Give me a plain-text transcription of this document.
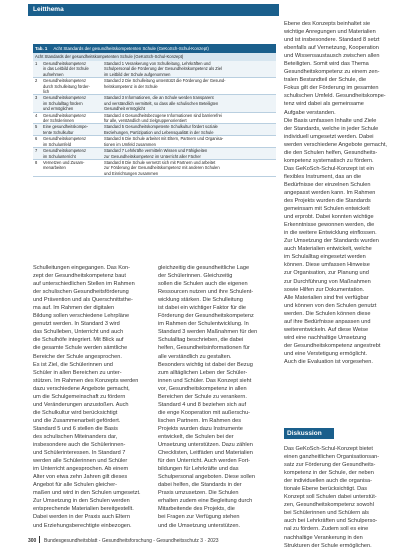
Leitthema
Tab. 1 Acht Standards der gesundheitskompetenten Schule (GeKoSch-Schul-Konzept)
Acht Standards der gesundheitskompetenten Schule (GeKoSch-Schul-Konzept)
1	Gesundheitskompetenz
in das Leitbild der Schule
aufnehmen
Standard 1 Verankerung von Schulleitung, Lehrkräften und
Schulpersonal die Förderung der Gesundheitskompetenz als Ziel
im Leitbild der Schule aufgenommen
2	Gesundheitskompetenz
durch Schulleitung förder-
lich
Standard 2 Die Schulleitung unterstützt die Förderung der Gesund-
heitskompetenz in der Schule
3	Gesundheitskompetenz
im Schulalltag fördern
und ermöglichen
Standard 3 Informationen, die an Schule werden transparent
und verständlich vermittelt, so dass alle schulischen Beteiligten
Gesundheit ermöglicht
4	Gesundheitskompetenz
der Schülerinnen
Standard 4 Gesundheitsbezogene Informationen sind barrierefrei
für alle, verständlich und zielgruppenorientiert
5	Eine gesundheitskompe-
tente Schulkultur
Standard 5 Gesundheitskompetente Schulkultur fördert soziale
Beziehungen, Partizipation und Lebensqualität in der Schule
6	Gesundheitskompetenz
im Schulumfeld
Standard 6 Die Schule arbeitet mit Eltern, Partnern und Organisa-
tionen im Umfeld zusammen
7	Gesundheitskompetenz
im Schulunterricht
Standard 7 Lehrkräfte vermitteln Wissen und Fähigkeiten
zur Gesundheitskompetenz im Unterricht aller Fächer
8	Vernetzen und Zusam-
menarbeiten
Standard 8 Die Schule vernetzt sich mit Partnern und arbeitet
zur Förderung der Gesundheitskompetenz mit anderen Schulen
und Einrichtungen zusammen
Schulleitungen eingegangen. Das Kon-
zept der Gesundheitskompetenz baut
auf unterschiedlichen Stellen im Rahmen
der schulischen Gesundheitsförderung
und Prävention und als Querschnittsthe-
ma auf. Im Rahmen der digitalen
Bildung sollen verschiedene Lehrpläne
genutzt werden. In Standard 3 wird
das Schulleben, Unterricht und auch
die Schulhöfe integriert. Mit Blick auf
die gesamte Schule werden sämtliche
Bereiche der Schule angesprochen.
Es ist Ziel, die Schülerinnen und
Schüler in allen Bereichen zu unter-
stützen. Im Rahmen des Konzepts werden
dazu verschiedene Angebote gemacht,
um die Schulgemeinschaft zu fördern
und Veränderungen anzustoßen. Auch
die Schulkultur wird berücksichtigt
und die Zusammenarbeit gefördert.
Standard 5 und 6 stellen die Basis
des schulischen Miteinanders dar,
insbesondere auch die Schülerinnen-
und Schülerinteressen. In Standard 7
werden alle Schülerinnen und Schüler
im Unterricht angesprochen. Ab einem
Alter von etwa zehn Jahren gilt dieses
Angebot für alle Schulen gleicher-
maßen und wird in den Schulen umgesetzt.
Zur Umsetzung in den Schulen werden
entsprechende Materialien bereitgestellt.
Dabei werden in der Praxis auch Eltern
und Erziehungsberechtigte einbezogen.
gleichzeitig die gesundheitliche Lage
der Schülerinnen. Gleichzeitig
sollen die Schulen auch die eigenen
Ressourcen nutzen und ihre Schulent-
wicklung stärken. Die Schulleitung
ist dabei ein wichtiger Faktor für die
Förderung der Gesundheitskompetenz
im Rahmen der Schulentwicklung. In
Standard 3 werden Maßnahmen für den
Schulalltag beschrieben, die dabei
helfen, Gesundheitsinformationen für
alle verständlich zu gestalten.
Besonders wichtig ist dabei der Bezug
zum alltäglichen Leben der Schüler-
innen und Schüler. Das Konzept sieht
vor, Gesundheitskompetenz in allen
Bereichen der Schule zu verankern.
Standard 4 und 8 beziehen sich auf
die enge Kooperation mit außerschu-
lischen Partnern. Im Rahmen des
Projekts wurden dazu Instrumente
entwickelt, die Schulen bei der
Umsetzung unterstützen. Dazu zählen
Checklisten, Leitfäden und Materialien
für den Unterricht. Auch werden Fort-
bildungen für Lehrkräfte und das
Schulpersonal angeboten. Diese sollen
dabei helfen, die Standards in der
Praxis umzusetzen. Die Schulen
erhalten zudem eine Begleitung durch
Mitarbeitende des Projekts, die
bei Fragen zur Verfügung stehen
und die Umsetzung unterstützen.
Ebene des Konzepts beinhaltet sie
wichtige Anregungen und Materialien
und ist insbesondere. Standard 8 setzt
ebenfalls auf Vernetzung, Kooperation
und Wissensaustausch zwischen allen
Beteiligten. Somit wird das Thema
Gesundheitskompetenz zu einem zen-
tralen Bestandteil der Schule, die
Fokus gilt der Förderung im gesamten
schulischen Umfeld. Gesundheitskompe-
tenz wird dabei als gemeinsame
Aufgabe verstanden.
Die Basis umfassen Inhalte und Ziele
der Standards, welche in jeder Schule
individuell umgesetzt werden. Dabei
werden verschiedene Angebote gemacht,
die den Schulen helfen, Gesundheits-
kompetenz systematisch zu fördern.
Das GeKoSch-Schul-Konzept ist ein
flexibles Instrument, das an die
Bedürfnisse der einzelnen Schulen
angepasst werden kann. Im Rahmen
des Projekts wurden die Standards
gemeinsam mit Schulen entwickelt
und erprobt. Dabei konnten wichtige
Erkenntnisse gewonnen werden, die
in die weitere Entwicklung einflossen.
Zur Umsetzung der Standards wurden
auch Materialien entwickelt, welche
im Schulalltag eingesetzt werden
können. Diese umfassen Hinweise
zur Organisation, zur Planung und
zur Durchführung von Maßnahmen
sowie Hilfen zur Dokumentation.
Alle Materialien sind frei verfügbar
und können von den Schulen genutzt
werden. Die Schulen können diese
auf ihre Bedürfnisse anpassen und
weiterentwickeln. Auf diese Weise
wird eine nachhaltige Umsetzung
der Gesundheitskompetenz angestrebt
und eine Verstetigung ermöglicht.
Auch die Evaluation ist vorgesehen.
Diskussion
Das GeKoSch-Schul-Konzept bietet
einen ganzheitlichen Organisationsan-
satz zur Förderung der Gesundheits-
kompetenz in der Schule, der neben
der individuellen auch die organisa-
tionale Ebene berücksichtigt. Das
Konzept soll Schulen dabei unterstüt-
zen, Gesundheitskompetenz sowohl
bei Schülerinnen und Schülern als
auch bei Lehrkräften und Schulperso-
nal zu fördern. Zudem soll es eine
nachhaltige Verankerung in den
Strukturen der Schule ermöglichen.
300 Bundesgesundheitsblatt - Gesundheitsforschung - Gesundheitsschutz 3 · 2023
